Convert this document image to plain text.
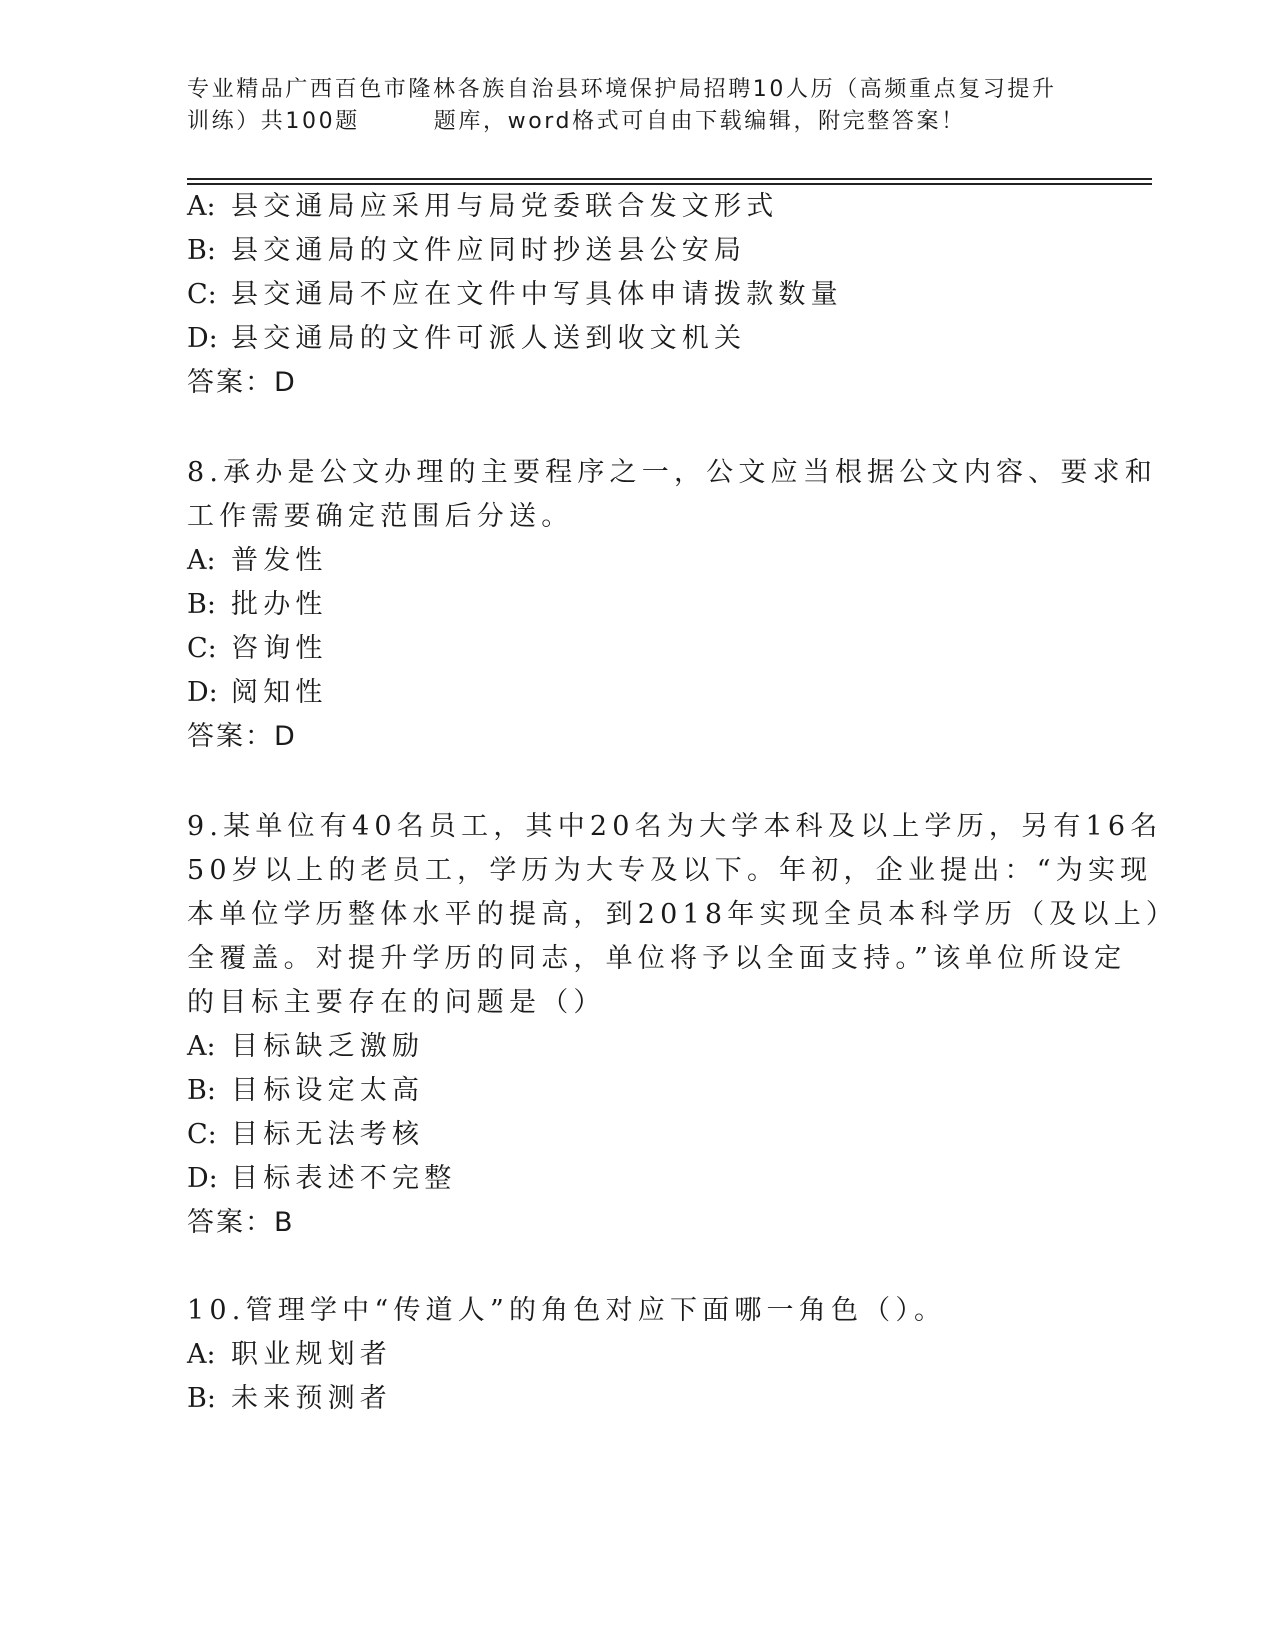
专业精品广西百色市隆林各族自治县环境保护局招聘10人历（高频重点复习提升
训练）共100题	题库，word格式可自由下载编辑，附完整答案！
A: 县交通局应采用与局党委联合发文形式
B: 县交通局的文件应同时抄送县公安局
C: 县交通局不应在文件中写具体申请拨款数量
D: 县交通局的文件可派人送到收文机关
答案：D
8.承办是公文办理的主要程序之一，公文应当根据公文内容、要求和
工作需要确定范围后分送。
A: 普发性
B: 批办性
C: 咨询性
D: 阅知性
答案：D
9.某单位有40名员工，其中20名为大学本科及以上学历，另有16名
50岁以上的老员工，学历为大专及以下。年初，企业提出：“为实现
本单位学历整体水平的提高，到2018年实现全员本科学历（及以上）
全覆盖。对提升学历的同志，单位将予以全面支持。”该单位所设定
的目标主要存在的问题是（）
A: 目标缺乏激励
B: 目标设定太高
C: 目标无法考核
D: 目标表述不完整
答案：B
10.管理学中“传道人”的角色对应下面哪一角色（）。
A: 职业规划者
B: 未来预测者
